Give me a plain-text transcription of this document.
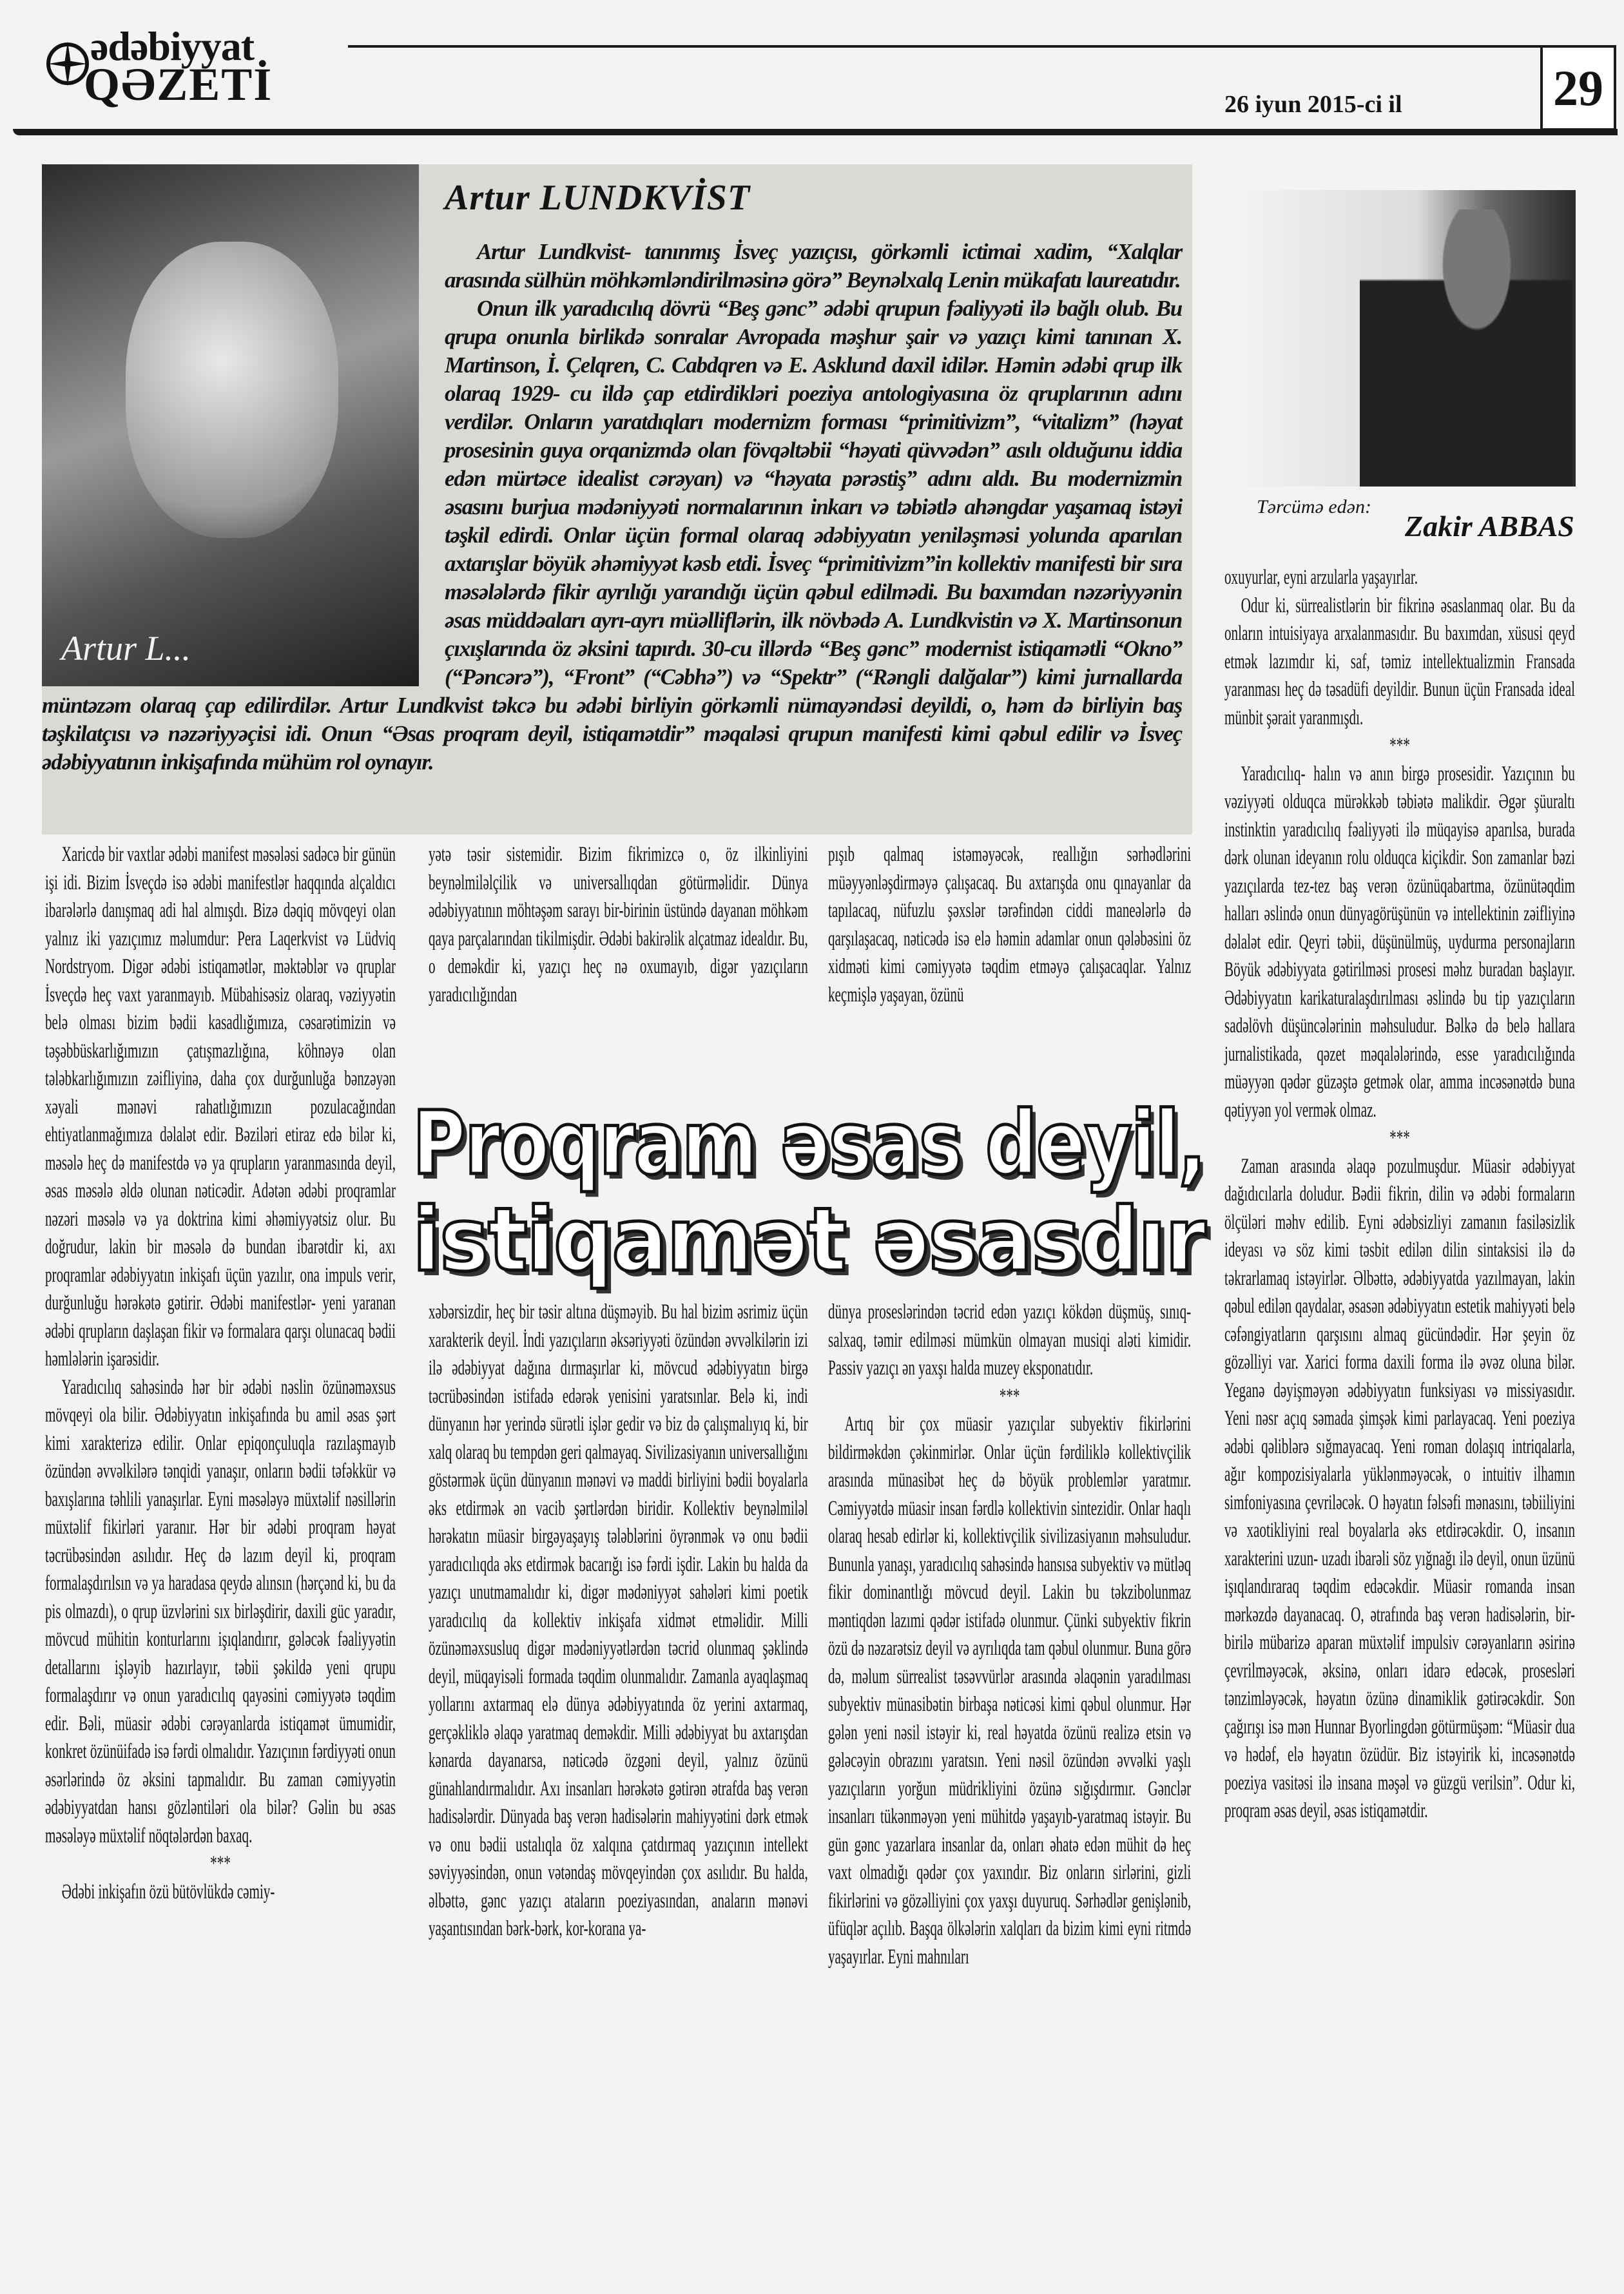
ədəbiyyat
QƏZETİ	26 iyun 2015-ci il	29
Artur L...
Artur LUNDKVİST

Artur Lundkvist- tanınmış İsveç yazıçısı, görkəmli ictimai xadim, “Xalqlar arasında sülhün möhkəmləndirilməsinə görə” Beynəlxalq Lenin mükafatı laureatıdır.

Onun ilk yaradıcılıq dövrü “Beş gənc” ədəbi qrupun fəaliyyəti ilə bağlı olub. Bu qrupa onunla birlikdə sonralar Avropada məşhur şair və yazıçı kimi tanınan X. Martinson, İ. Çelqren, C. Cabdqren və E. Asklund daxil idilər. Həmin ədəbi qrup ilk olaraq 1929- cu ildə çap etdirdikləri poeziya antologiyasına öz qruplarının adını verdilər. Onların yaratdıqları modernizm forması “primitivizm”, “vitalizm” (həyat prosesinin guya orqanizmdə olan fövqəltəbii “həyati qüvvədən” asılı olduğunu iddia edən mürtəce idealist cərəyan) və “həyata pərəstiş” adını aldı. Bu modernizmin əsasını burjua mədəniyyəti normalarının inkarı və təbiətlə ahəngdar yaşamaq istəyi təşkil edirdi. Onlar üçün formal olaraq ədəbiyyatın yeniləşməsi yolunda aparılan axtarışlar böyük əhəmiyyət kəsb etdi. İsveç “primitivizm”in kollektiv manifesti bir sıra məsələlərdə fikir ayrılığı yarandığı üçün qəbul edilmədi. Bu baxımdan nəzəriyyənin əsas müddəaları ayrı-ayrı müəlliflərin, ilk növbədə A. Lundkvistin və X. Martinsonun çıxışlarında öz əksini tapırdı. 30-cu illərdə “Beş gənc” modernist istiqamətli “Okno” (“Pəncərə”), “Front” (“Cəbhə”) və “Spektr” (“Rəngli dalğalar”) kimi jurnallarda müntəzəm olaraq çap edilirdilər. Artur Lundkvist təkcə bu ədəbi birliyin görkəmli nümayəndəsi deyildi, o, həm də birliyin baş təşkilatçısı və nəzəriyyəçisi idi. Onun “Əsas proqram deyil, istiqamətdir” məqaləsi qrupun manifesti kimi qəbul edilir və İsveç ədəbiyyatının inkişafında mühüm rol oynayır.

Tərcümə edən:
Zakir ABBAS
Proqram əsas deyil,
istiqamət əsasdır

Xaricdə bir vaxtlar ədəbi manifest məsələsi sadəcə bir günün işi idi. Bizim İsveçdə isə ədəbi manifestlər haqqında alçaldıcı ibarələrlə danışmaq adi hal almışdı. Bizə dəqiq mövqeyi olan yalnız iki yazıçımız məlumdur: Pera Laqerkvist və Lüdviq Nordstryom. Digər ədəbi istiqamətlər, məktəblər və qruplar İsveçdə heç vaxt yaranmayıb. Mübahisəsiz olaraq, vəziyyətin belə olması bizim bədii kasadlığımıza, cəsarətimizin və təşəbbüskarlığımızın çatışmazlığına, köhnəyə olan tələbkarlığımızın zəifliyinə, daha çox durğunluğa bənzəyən xəyali mənəvi rahatlığımızın pozulacağından ehtiyatlanmağımıza dəlalət edir. Bəziləri etiraz edə bilər ki, məsələ heç də manifestdə və ya qrupların yaranmasında deyil, əsas məsələ əldə olunan nəticədir. Adətən ədəbi proqramlar nəzəri məsələ və ya doktrina kimi əhəmiyyətsiz olur. Bu doğrudur, lakin bir məsələ də bundan ibarətdir ki, axı proqramlar ədəbiyyatın inkişafı üçün yazılır, ona impuls verir, durğunluğu hərəkətə gətirir. Ədəbi manifestlər- yeni yaranan ədəbi qrupların daşlaşan fikir və formalara qarşı olunacaq bədii həmlələrin işarəsidir.

Yaradıcılıq sahəsində hər bir ədəbi nəslin özünəməxsus mövqeyi ola bilir. Ədəbiyyatın inkişafında bu amil əsas şərt kimi xarakterizə edilir. Onlar epiqonçuluqla razılaşmayıb özündən əvvəlkilərə tənqidi yanaşır, onların bədii təfəkkür və baxışlarına təhlili yanaşırlar. Eyni məsələyə müxtəlif nəsillərin müxtəlif fikirləri yaranır. Hər bir ədəbi proqram həyat təcrübəsindən asılıdır. Heç də lazım deyil ki, proqram formalaşdırılsın və ya haradasa qeydə alınsın (hərçənd ki, bu da pis olmazdı), o qrup üzvlərini sıx birləşdirir, daxili güc yaradır, mövcud mühitin konturlarını işıqlandırır, gələcək fəaliyyətin detallarını işləyib hazırlayır, təbii şəkildə yeni qrupu formalaşdırır və onun yaradıcılıq qayəsini cəmiyyətə təqdim edir. Bəli, müasir ədəbi cərəyanlarda istiqamət ümumidir, konkret özünüifadə isə fərdi olmalıdır. Yazıçının fərdiyyəti onun əsərlərində öz əksini tapmalıdır. Bu zaman cəmiyyətin ədəbiyyatdan hansı gözləntiləri ola bilər? Gəlin bu əsas məsələyə müxtəlif nöqtələrdən baxaq.

***

Ədəbi inkişafın özü bütövlükdə cəmiy-

yətə təsir sistemidir. Bizim fikrimizcə o, öz ilkinliyini beynəlmiləlçilik və universallıqdan götürməlidir. Dünya ədəbiyyatının möhtəşəm sarayı bir-birinin üstündə dayanan möhkəm qaya parçalarından tikilmişdir. Ədəbi bakirəlik alçatmaz idealdır. Bu, o deməkdir ki, yazıçı heç nə oxumayıb, digər yazıçıların yaradıcılığından

pışıb qalmaq istəməyəcək, reallığın sərhədlərini müəyyənləşdirməyə çalışacaq. Bu axtarışda onu qınayanlar da tapılacaq, nüfuzlu şəxslər tərəfindən ciddi maneələrlə də qarşılaşacaq, nəticədə isə elə həmin adamlar onun qələbəsini öz xidməti kimi cəmiyyətə təqdim etməyə çalışacaqlar. Yalnız keçmişlə yaşayan, özünü

xəbərsizdir, heç bir təsir altına düşməyib. Bu hal bizim əsrimiz üçün xarakterik deyil. İndi yazıçıların əksəriyyəti özündən əvvəlkilərin izi ilə ədəbiyyat dağına dırmaşırlar ki, mövcud ədəbiyyatın birgə təcrübəsindən istifadə edərək yenisini yaratsınlar. Belə ki, indi dünyanın hər yerində sürətli işlər gedir və biz də çalışmalıyıq ki, bir xalq olaraq bu tempdən geri qalmayaq. Sivilizasiyanın universallığını göstərmək üçün dünyanın mənəvi və maddi birliyini bədii boyalarla əks etdirmək ən vacib şərtlərdən biridir. Kollektiv beynəlmiləl hərəkatın müasir birgəyaşayış tələblərini öyrənmək və onu bədii yaradıcılıqda əks etdirmək bacarığı isə fərdi işdir. Lakin bu halda da yazıçı unutmamalıdır ki, digər mədəniyyət sahələri kimi poetik yaradıcılıq da kollektiv inkişafa xidmət etməlidir. Milli özünəməxsusluq digər mədəniyyətlərdən təcrid olunmaq şəklində deyil, müqayisəli formada təqdim olunmalıdır. Zamanla ayaqlaşmaq yollarını axtarmaq elə dünya ədəbiyyatında öz yerini axtarmaq, gerçəkliklə əlaqə yaratmaq deməkdir. Milli ədəbiyyat bu axtarışdan kənarda dayanarsa, nəticədə özgəni deyil, yalnız özünü günahlandırmalıdır. Axı insanları hərəkətə gətirən ətrafda baş verən hadisələrdir. Dünyada baş verən hadisələrin mahiyyətini dərk etmək və onu bədii ustalıqla öz xalqına çatdırmaq yazıçının intellekt səviyyəsindən, onun vətəndaş mövqeyindən çox asılıdır. Bu halda, əlbəttə, gənc yazıçı ataların poeziyasından, anaların mənəvi yaşantısından bərk-bərk, kor-korana ya-

dünya proseslərindən təcrid edən yazıçı kökdən düşmüş, sınıq-salxaq, təmir edilməsi mümkün olmayan musiqi aləti kimidir. Passiv yazıçı ən yaxşı halda muzey eksponatıdır.

***

Artıq bir çox müasir yazıçılar subyektiv fikirlərini bildirməkdən çəkinmirlər. Onlar üçün fərdiliklə kollektivçilik arasında münasibət heç də böyük problemlər yaratmır. Cəmiyyətdə müasir insan fərdlə kollektivin sintezidir. Onlar haqlı olaraq hesab edirlər ki, kollektivçilik sivilizasiyanın məhsuludur. Bununla yanaşı, yaradıcılıq sahəsində hansısa subyektiv və mütləq fikir dominantlığı mövcud deyil. Lakin bu təkzibolunmaz məntiqdən lazımi qədər istifadə olunmur. Çünki subyektiv fikrin özü də nəzarətsiz deyil və ayrılıqda tam qəbul olunmur. Buna görə də, məlum sürrealist təsəvvürlər arasında əlaqənin yaradılması subyektiv münasibətin birbaşa nəticəsi kimi qəbul olunmur. Hər gələn yeni nəsil istəyir ki, real həyatda özünü realizə etsin və gələcəyin obrazını yaratsın. Yeni nəsil özündən əvvəlki yaşlı yazıçıların yorğun müdrikliyini özünə sığışdırmır. Gənclər insanları tükənməyən yeni mühitdə yaşayıb-yaratmaq istəyir. Bu gün gənc yazarlara insanlar da, onları əhatə edən mühit də heç vaxt olmadığı qədər çox yaxındır. Biz onların sirlərini, gizli fikirlərini və gözəlliyini çox yaxşı duyuruq. Sərhədlər genişlənib, üfüqlər açılıb. Başqa ölkələrin xalqları da bizim kimi eyni ritmdə yaşayırlar. Eyni mahnıları

oxuyurlar, eyni arzularla yaşayırlar.

Odur ki, sürrealistlərin bir fikrinə əsaslanmaq olar. Bu da onların intuisiyaya arxalanmasıdır. Bu baxımdan, xüsusi qeyd etmək lazımdır ki, saf, təmiz intellektualizmin Fransada yaranması heç də təsadüfi deyildir. Bunun üçün Fransada ideal münbit şərait yaranmışdı.

***

Yaradıcılıq- halın və anın birgə prosesidir. Yazıçının bu vəziyyəti olduqca mürəkkəb təbiətə malikdir. Əgər şüuraltı instinktin yaradıcılıq fəaliyyəti ilə müqayisə aparılsa, burada dərk olunan ideyanın rolu olduqca kiçikdir. Son zamanlar bəzi yazıçılarda tez-tez baş verən özünüqabartma, özünütəqdim halları əslində onun dünyagörüşünün və intellektinin zəifliyinə dəlalət edir. Qeyri təbii, düşünülmüş, uydurma personajların Böyük ədəbiyyata gətirilməsi prosesi məhz buradan başlayır. Ədəbiyyatın karikaturalaşdırılması əslində bu tip yazıçıların sadəlövh düşüncələrinin məhsuludur. Bəlkə də belə hallara jurnalistikada, qəzet məqalələrində, esse yaradıcılığında müəyyən qədər güzəştə getmək olar, amma incəsənətdə buna qətiyyən yol vermək olmaz.

***

Zaman arasında əlaqə pozulmuşdur. Müasir ədəbiyyat dağıdıcılarla doludur. Bədii fikrin, dilin və ədəbi formaların ölçüləri məhv edilib. Eyni ədəbsizliyi zamanın fasiləsizlik ideyası və söz kimi təsbit edilən dilin sintaksisi ilə də təkrarlamaq istəyirlər. Əlbəttə, ədəbiyyatda yazılmayan, lakin qəbul edilən qaydalar, əsasən ədəbiyyatın estetik mahiyyəti belə cəfəngiyatların qarşısını almaq gücündədir. Hər şeyin öz gözəlliyi var. Xarici forma daxili forma ilə əvəz oluna bilər. Yeganə dəyişməyən ədəbiyyatın funksiyası və missiyasıdır. Yeni nəsr açıq səmada şimşək kimi parlayacaq. Yeni poeziya ədəbi qəliblərə sığmayacaq. Yeni roman dolaşıq intriqalarla, ağır kompozisiyalarla yüklənməyəcək, o intuitiv ilhamın simfoniyasına çevriləcək. O həyatın fəlsəfi mənasını, təbiiliyini və xaotikliyini real boyalarla əks etdirəcəkdir. O, insanın xarakterini uzun- uzadı ibarəli söz yığnağı ilə deyil, onun üzünü işıqlandıraraq təqdim edəcəkdir. Müasir romanda insan mərkəzdə dayanacaq. O, ətrafında baş verən hadisələrin, bir-birilə mübarizə aparan müxtəlif impulsiv cərəyanların əsirinə çevrilməyəcək, əksinə, onları idarə edəcək, prosesləri tənzimləyəcək, həyatın özünə dinamiklik gətirəcəkdir. Son çağırışı isə mən Hunnar Byorlingdən götürmüşəm: “Müasir dua və hədəf, elə həyatın özüdür. Biz istəyirik ki, incəsənətdə poeziya vasitəsi ilə insana məşəl və güzgü verilsin”. Odur ki, proqram əsas deyil, əsas istiqamətdir.
